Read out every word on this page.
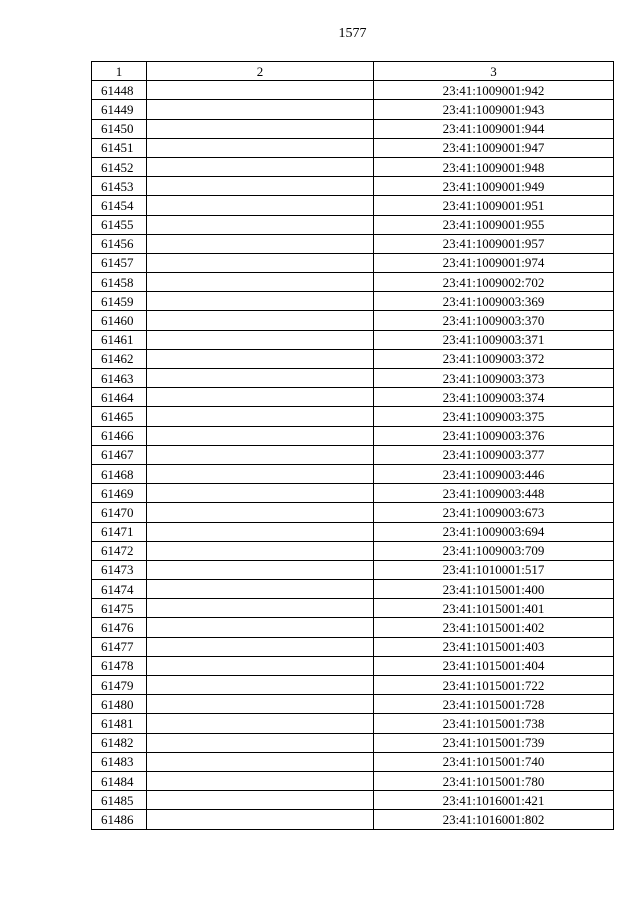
1577
1	2	3
61448		23:41:1009001:942
61449		23:41:1009001:943
61450		23:41:1009001:944
61451		23:41:1009001:947
61452		23:41:1009001:948
61453		23:41:1009001:949
61454		23:41:1009001:951
61455		23:41:1009001:955
61456		23:41:1009001:957
61457		23:41:1009001:974
61458		23:41:1009002:702
61459		23:41:1009003:369
61460		23:41:1009003:370
61461		23:41:1009003:371
61462		23:41:1009003:372
61463		23:41:1009003:373
61464		23:41:1009003:374
61465		23:41:1009003:375
61466		23:41:1009003:376
61467		23:41:1009003:377
61468		23:41:1009003:446
61469		23:41:1009003:448
61470		23:41:1009003:673
61471		23:41:1009003:694
61472		23:41:1009003:709
61473		23:41:1010001:517
61474		23:41:1015001:400
61475		23:41:1015001:401
61476		23:41:1015001:402
61477		23:41:1015001:403
61478		23:41:1015001:404
61479		23:41:1015001:722
61480		23:41:1015001:728
61481		23:41:1015001:738
61482		23:41:1015001:739
61483		23:41:1015001:740
61484		23:41:1015001:780
61485		23:41:1016001:421
61486		23:41:1016001:802
